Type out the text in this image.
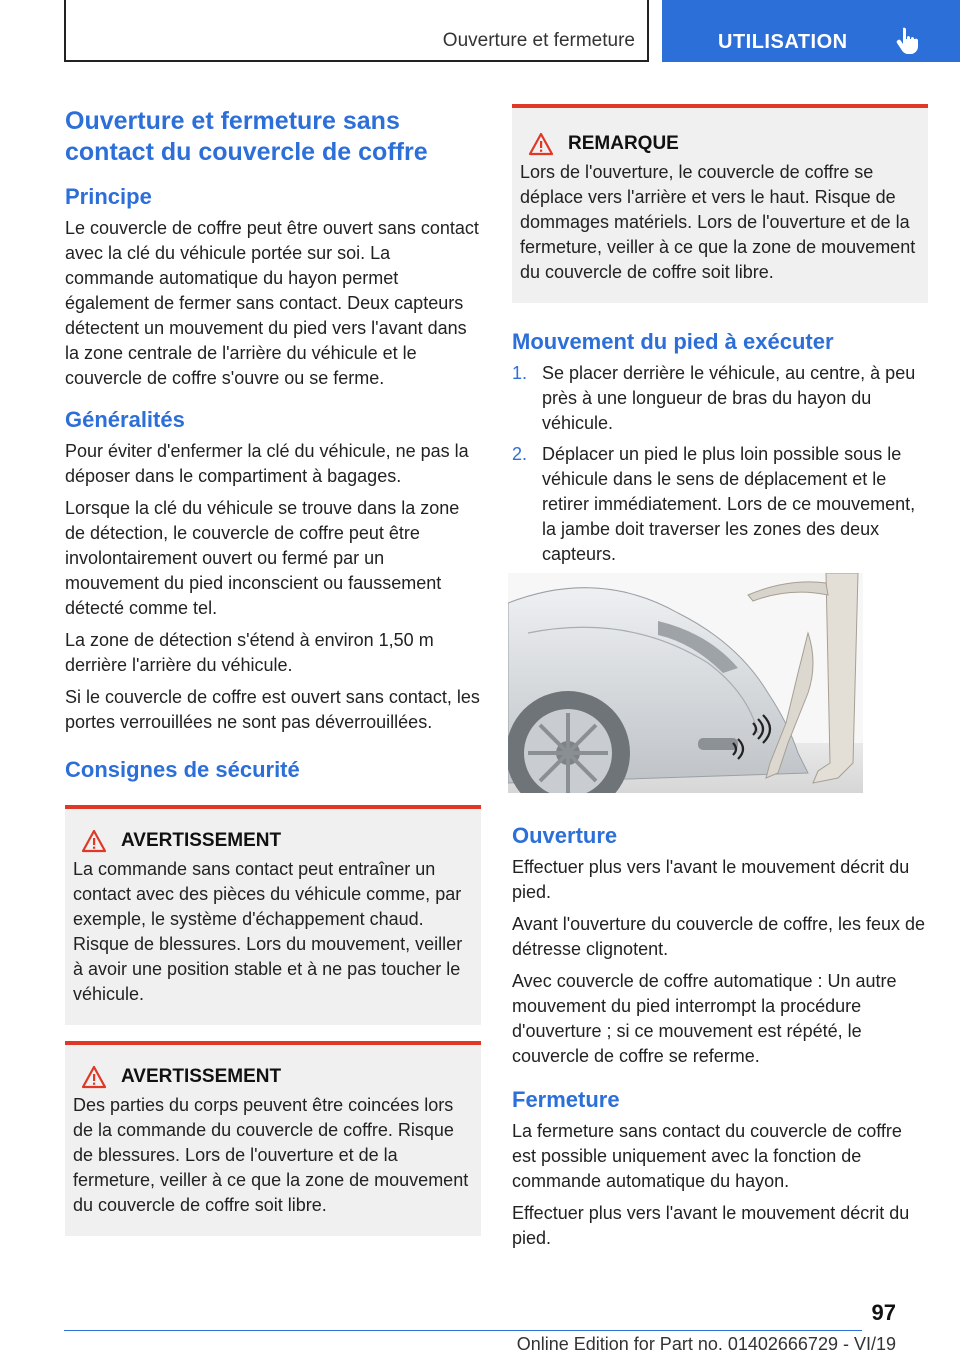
Ouverture et fermeture	UTILISATION
Ouverture et fermeture sans contact du couvercle de coffre
Principe

Le couvercle de coffre peut être ouvert sans contact avec la clé du véhicule portée sur soi. La commande automatique du hayon permet également de fermer sans contact. Deux capteurs détectent un mouvement du pied vers l'avant dans la zone centrale de l'arrière du véhicule et le couvercle de coffre s'ouvre ou se ferme.

Généralités

Pour éviter d'enfermer la clé du véhicule, ne pas la déposer dans le compartiment à bagages.

Lorsque la clé du véhicule se trouve dans la zone de détection, le couvercle de coffre peut être involontairement ouvert ou fermé par un mouvement du pied inconscient ou faussement détecté comme tel.

La zone de détection s'étend à environ 1,50 m derrière l'arrière du véhicule.

Si le couvercle de coffre est ouvert sans contact, les portes verrouillées ne sont pas déverrouillées.

Consignes de sécurité
AVERTISSEMENT

La commande sans contact peut entraîner un contact avec des pièces du véhicule comme, par exemple, le système d'échappement chaud. Risque de blessures. Lors du mouvement, veiller à avoir une position stable et à ne pas toucher le véhicule.

AVERTISSEMENT

Des parties du corps peuvent être coincées lors de la commande du couvercle de coffre. Risque de blessures. Lors de l'ouverture et de la fermeture, veiller à ce que la zone de mouvement du couvercle de coffre soit libre.

REMARQUE

Lors de l'ouverture, le couvercle de coffre se déplace vers l'arrière et vers le haut. Risque de dommages matériels. Lors de l'ouverture et de la fermeture, veiller à ce que la zone de mouvement du couvercle de coffre soit libre.

Mouvement du pied à exécuter
1. Se placer derrière le véhicule, au centre, à peu près à une longueur de bras du hayon du véhicule.
2. Déplacer un pied le plus loin possible sous le véhicule dans le sens de déplacement et le retirer immédiatement. Lors de ce mouvement, la jambe doit traverser les zones des deux capteurs.
Ouverture

Effectuer plus vers l'avant le mouvement décrit du pied.

Avant l'ouverture du couvercle de coffre, les feux de détresse clignotent.

Avec couvercle de coffre automatique : Un autre mouvement du pied interrompt la procédure d'ouverture ; si ce mouvement est répété, le couvercle de coffre se referme.

Fermeture

La fermeture sans contact du couvercle de coffre est possible uniquement avec la fonction de commande automatique du hayon.

Effectuer plus vers l'avant le mouvement décrit du pied.

97
Online Edition for Part no. 01402666729 - VI/19
